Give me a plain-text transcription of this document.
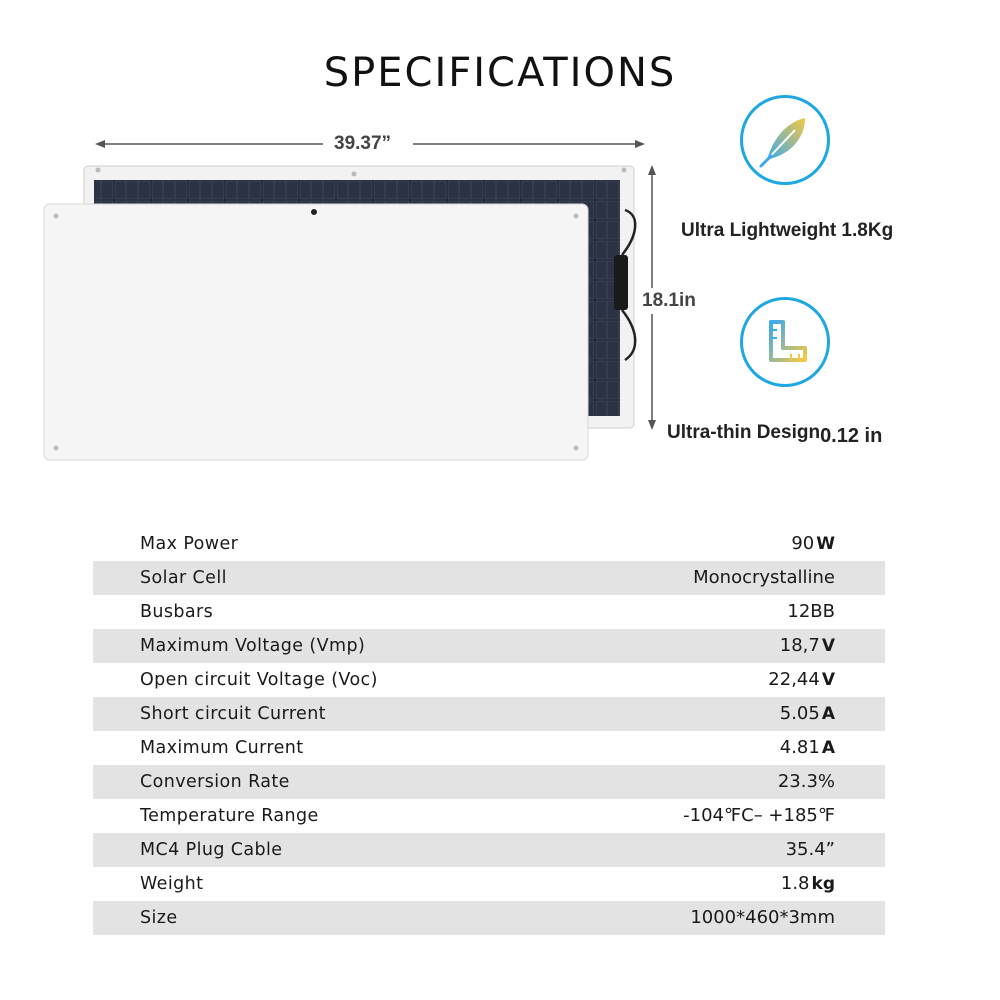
SPECIFICATIONS
39.37”
18.1in
Ultra Lightweight 1.8Kg
Ultra-thin Design0.12 in
Max Power	90 W
Solar Cell	Monocrystalline
Busbars	12BB
Maximum Voltage (Vmp)	18,7 V
Open circuit Voltage (Voc)	22,44 V
Short circuit Current	5.05 A
Maximum Current	4.81 A
Conversion Rate	23.3%
Temperature Range	-104℉C– +185℉
MC4 Plug Cable	35.4”
Weight	1.8 kg
Size	1000*460*3mm
